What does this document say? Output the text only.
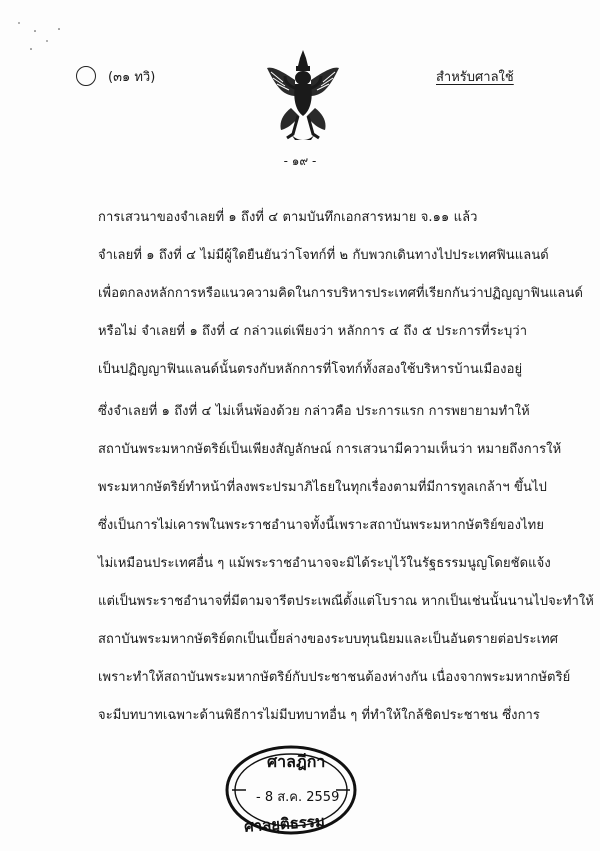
(๓๑ ทวิ)	สำหรับศาลใช้
- ๑๙ -
การเสวนาของจำเลยที่ ๑ ถึงที่ ๔ ตามบันทึกเอกสารหมาย จ.๑๑ แล้ว
จำเลยที่ ๑ ถึงที่ ๔ ไม่มีผู้ใดยืนยันว่าโจทก์ที่ ๒ กับพวกเดินทางไปประเทศฟินแลนด์
เพื่อตกลงหลักการหรือแนวความคิดในการบริหารประเทศที่เรียกกันว่าปฏิญญาฟินแลนด์
หรือไม่ จำเลยที่ ๑ ถึงที่ ๔ กล่าวแต่เพียงว่า หลักการ ๔ ถึง ๕ ประการที่ระบุว่า
เป็นปฏิญญาฟินแลนด์นั้นตรงกับหลักการที่โจทก์ทั้งสองใช้บริหารบ้านเมืองอยู่
ซึ่งจำเลยที่ ๑ ถึงที่ ๔ ไม่เห็นพ้องด้วย กล่าวคือ ประการแรก การพยายามทำให้
สถาบันพระมหากษัตริย์เป็นเพียงสัญลักษณ์ การเสวนามีความเห็นว่า หมายถึงการให้
พระมหากษัตริย์ทำหน้าที่ลงพระปรมาภิไธยในทุกเรื่องตามที่มีการทูลเกล้าฯ ขึ้นไป
ซึ่งเป็นการไม่เคารพในพระราชอำนาจทั้งนี้เพราะสถาบันพระมหากษัตริย์ของไทย
ไม่เหมือนประเทศอื่น ๆ แม้พระราชอำนาจจะมิได้ระบุไว้ในรัฐธรรมนูญโดยชัดแจ้ง
แต่เป็นพระราชอำนาจที่มีตามจารีตประเพณีตั้งแต่โบราณ หากเป็นเช่นนั้นนานไปจะทำให้
สถาบันพระมหากษัตริย์ตกเป็นเบี้ยล่างของระบบทุนนิยมและเป็นอันตรายต่อประเทศ
เพราะทำให้สถาบันพระมหากษัตริย์กับประชาชนต้องห่างกัน เนื่องจากพระมหากษัตริย์
จะมีบทบาทเฉพาะด้านพิธีการไม่มีบทบาทอื่น ๆ ที่ทำให้ใกล้ชิดประชาชน ซึ่งการ
ศาลฎีกา
- 8 ส.ค. 2559
ศาลยุติธรรม
